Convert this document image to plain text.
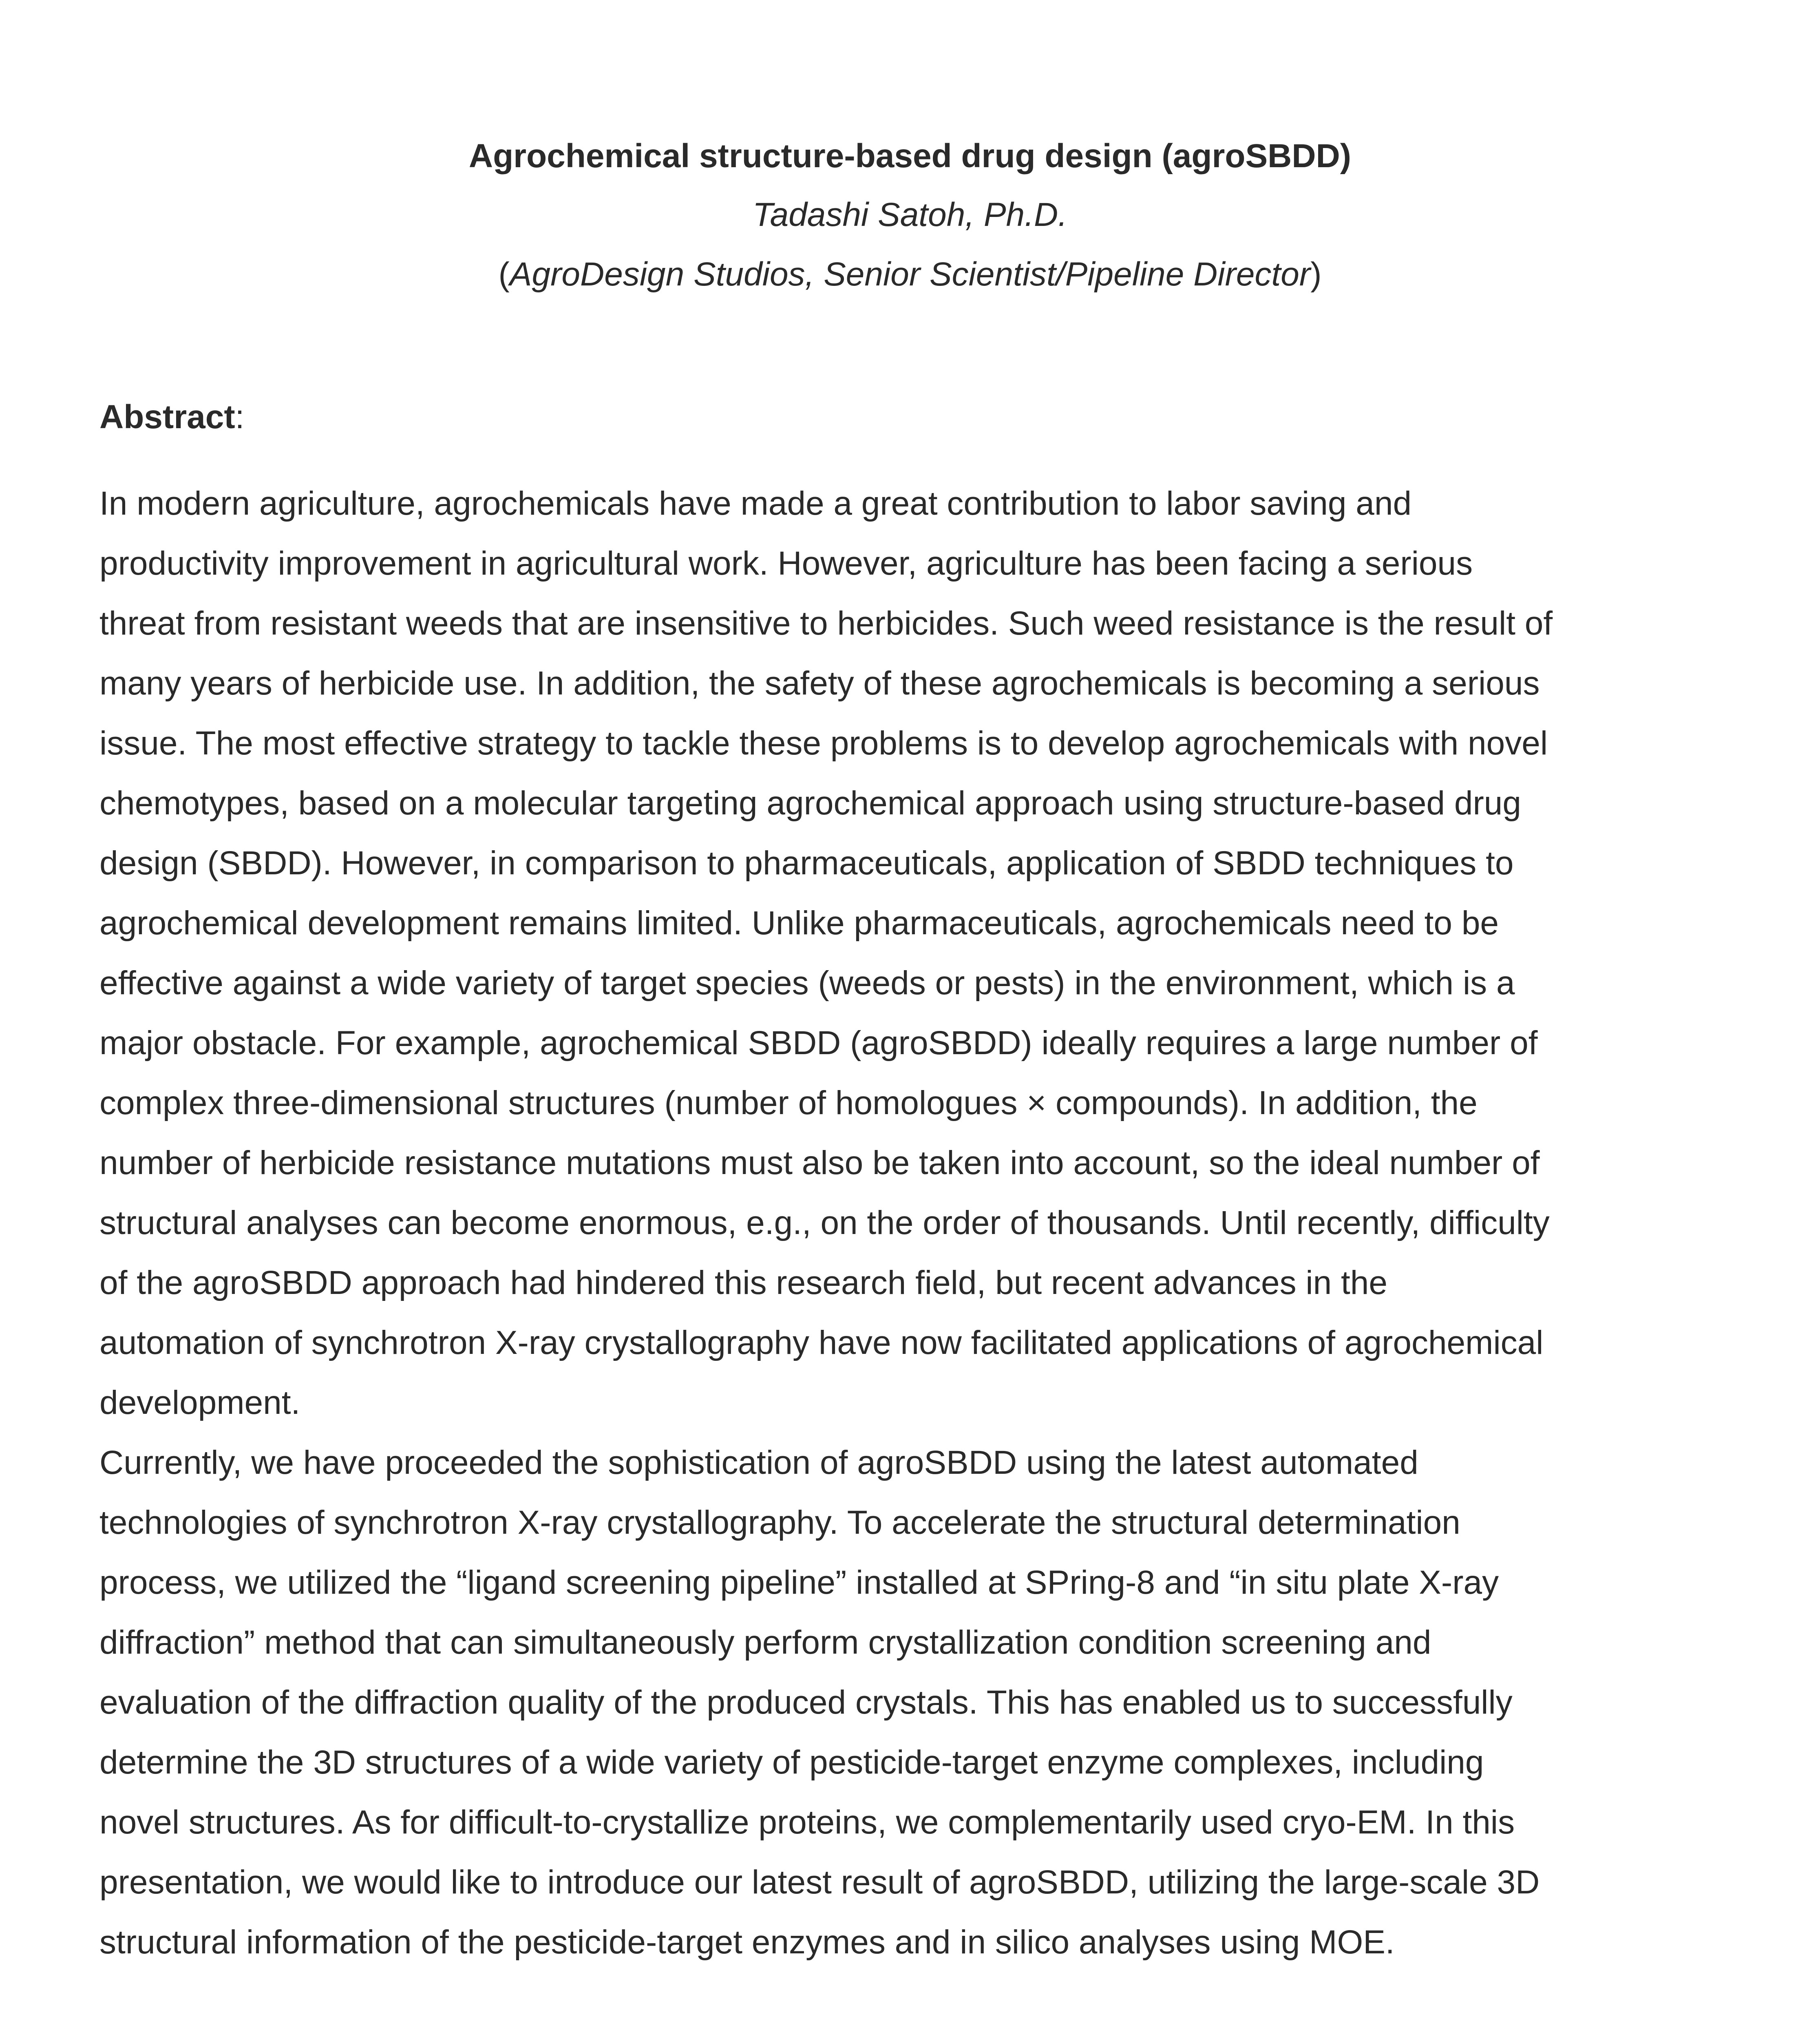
Agrochemical structure-based drug design (agroSBDD)
Tadashi Satoh, Ph.D.
(AgroDesign Studios, Senior Scientist/Pipeline Director)
Abstract:
In modern agriculture, agrochemicals have made a great contribution to labor saving and
productivity improvement in agricultural work. However, agriculture has been facing a serious
threat from resistant weeds that are insensitive to herbicides. Such weed resistance is the result of
many years of herbicide use. In addition, the safety of these agrochemicals is becoming a serious
issue. The most effective strategy to tackle these problems is to develop agrochemicals with novel
chemotypes, based on a molecular targeting agrochemical approach using structure-based drug
design (SBDD). However, in comparison to pharmaceuticals, application of SBDD techniques to
agrochemical development remains limited. Unlike pharmaceuticals, agrochemicals need to be
effective against a wide variety of target species (weeds or pests) in the environment, which is a
major obstacle. For example, agrochemical SBDD (agroSBDD) ideally requires a large number of
complex three-dimensional structures (number of homologues × compounds). In addition, the
number of herbicide resistance mutations must also be taken into account, so the ideal number of
structural analyses can become enormous, e.g., on the order of thousands. Until recently, difficulty
of the agroSBDD approach had hindered this research field, but recent advances in the
automation of synchrotron X-ray crystallography have now facilitated applications of agrochemical
development.
Currently, we have proceeded the sophistication of agroSBDD using the latest automated
technologies of synchrotron X-ray crystallography. To accelerate the structural determination
process, we utilized the “ligand screening pipeline” installed at SPring-8 and “in situ plate X-ray
diffraction” method that can simultaneously perform crystallization condition screening and
evaluation of the diffraction quality of the produced crystals. This has enabled us to successfully
determine the 3D structures of a wide variety of pesticide-target enzyme complexes, including
novel structures. As for difficult-to-crystallize proteins, we complementarily used cryo-EM. In this
presentation, we would like to introduce our latest result of agroSBDD, utilizing the large-scale 3D
structural information of the pesticide-target enzymes and in silico analyses using MOE.
